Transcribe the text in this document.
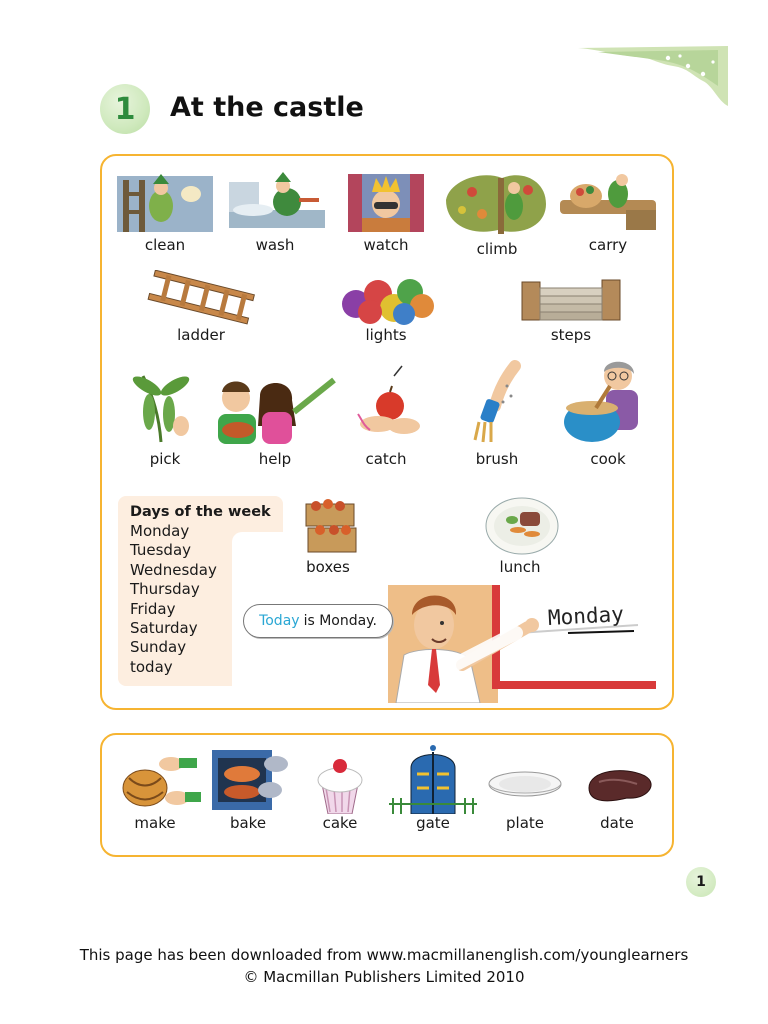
1 At the castle
clean	wash	watch	climb	carry
ladder	lights	steps
pick	help	catch	brush	cook
Days of the week
Monday
Tuesday
Wednesday
Thursday
Friday
Saturday
Sunday
today
boxes	lunch
Monday
Today is Monday.
make	bake	cake	gate	plate	date
1
This page has been downloaded from www.macmillanenglish.com/younglearners
© Macmillan Publishers Limited 2010
